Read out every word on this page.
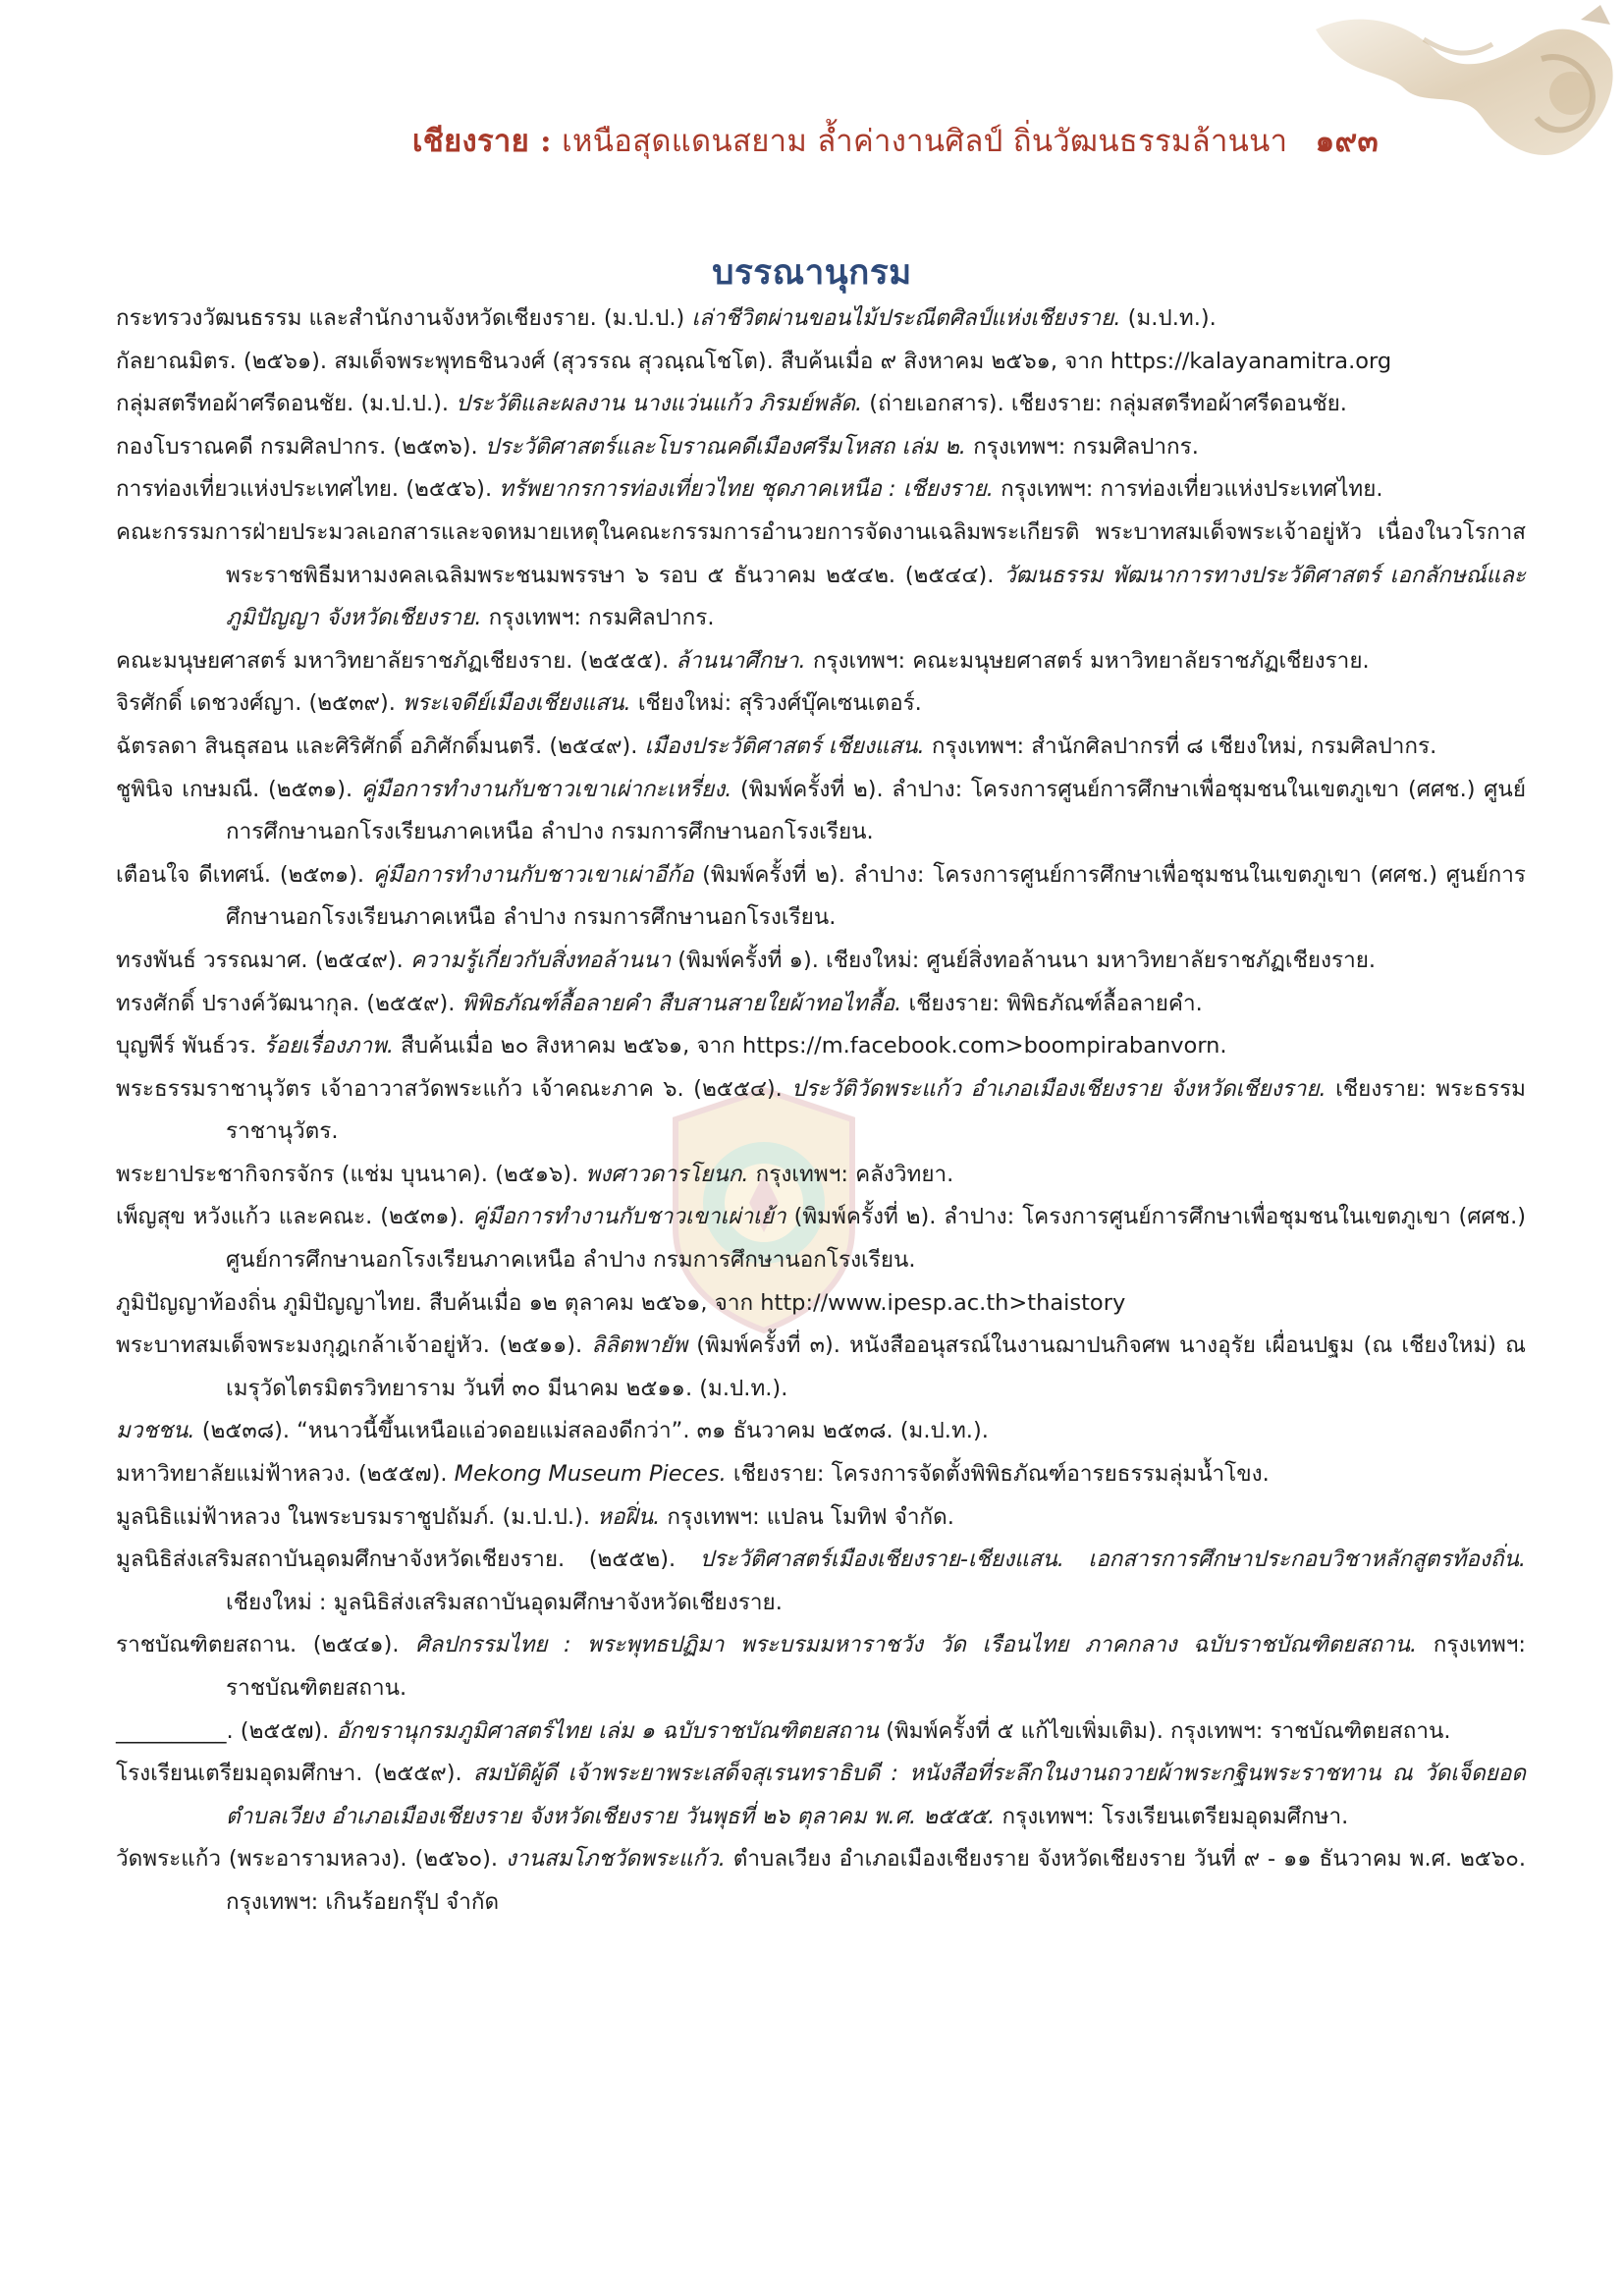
เชียงราย : เหนือสุดแดนสยาม ล้ำค่างานศิลป์ ถิ่นวัฒนธรรมล้านนา ๑๙๓
บรรณานุกรม
กระทรวงวัฒนธรรม และสำนักงานจังหวัดเชียงราย. (ม.ป.ป.) เล่าชีวิตผ่านขอนไม้ประณีตศิลป์แห่งเชียงราย. (ม.ป.ท.).
กัลยาณมิตร. (๒๕๖๑). สมเด็จพระพุทธชินวงศ์ (สุวรรณ สุวณฺณโชโต). สืบค้นเมื่อ ๙ สิงหาคม ๒๕๖๑, จาก https://kalayanamitra.org
กลุ่มสตรีทอผ้าศรีดอนชัย. (ม.ป.ป.). ประวัติและผลงาน นางแว่นแก้ว ภิรมย์พลัด. (ถ่ายเอกสาร). เชียงราย: กลุ่มสตรีทอผ้าศรีดอนชัย.
กองโบราณคดี กรมศิลปากร. (๒๕๓๖). ประวัติศาสตร์และโบราณคดีเมืองศรีมโหสถ เล่ม ๒. กรุงเทพฯ: กรมศิลปากร.
การท่องเที่ยวแห่งประเทศไทย. (๒๕๕๖). ทรัพยากรการท่องเที่ยวไทย ชุดภาคเหนือ : เชียงราย. กรุงเทพฯ: การท่องเที่ยวแห่งประเทศไทย.
คณะกรรมการฝ่ายประมวลเอกสารและจดหมายเหตุในคณะกรรมการอำนวยการจัดงานเฉลิมพระเกียรติ พระบาทสมเด็จพระเจ้าอยู่หัว เนื่องในวโรกาสพระราชพิธีมหามงคลเฉลิมพระชนมพรรษา ๖ รอบ ๕ ธันวาคม ๒๕๔๒. (๒๕๔๔). วัฒนธรรม พัฒนาการทางประวัติศาสตร์ เอกลักษณ์และภูมิปัญญา จังหวัดเชียงราย. กรุงเทพฯ: กรมศิลปากร.
คณะมนุษยศาสตร์ มหาวิทยาลัยราชภัฏเชียงราย. (๒๕๕๕). ล้านนาศึกษา. กรุงเทพฯ: คณะมนุษยศาสตร์ มหาวิทยาลัยราชภัฏเชียงราย.
จิรศักดิ์ เดชวงศ์ญา. (๒๕๓๙). พระเจดีย์เมืองเชียงแสน. เชียงใหม่: สุริวงศ์บุ๊คเซนเตอร์.
ฉัตรลดา สินธุสอน และศิริศักดิ์ อภิศักดิ์มนตรี. (๒๕๔๙). เมืองประวัติศาสตร์ เชียงแสน. กรุงเทพฯ: สำนักศิลปากรที่ ๘ เชียงใหม่, กรมศิลปากร.
ชูพินิจ เกษมณี. (๒๕๓๑). คู่มือการทำงานกับชาวเขาเผ่ากะเหรี่ยง. (พิมพ์ครั้งที่ ๒). ลำปาง: โครงการศูนย์การศึกษาเพื่อชุมชนในเขตภูเขา (ศศช.) ศูนย์การศึกษานอกโรงเรียนภาคเหนือ ลำปาง กรมการศึกษานอกโรงเรียน.
เตือนใจ ดีเทศน์. (๒๕๓๑). คู่มือการทำงานกับชาวเขาเผ่าอีก้อ (พิมพ์ครั้งที่ ๒). ลำปาง: โครงการศูนย์การศึกษาเพื่อชุมชนในเขตภูเขา (ศศช.) ศูนย์การศึกษานอกโรงเรียนภาคเหนือ ลำปาง กรมการศึกษานอกโรงเรียน.
ทรงพันธ์ วรรณมาศ. (๒๕๔๙). ความรู้เกี่ยวกับสิ่งทอล้านนา (พิมพ์ครั้งที่ ๑). เชียงใหม่: ศูนย์สิ่งทอล้านนา มหาวิทยาลัยราชภัฏเชียงราย.
ทรงศักดิ์ ปรางค์วัฒนากุล. (๒๕๕๙). พิพิธภัณฑ์ลื้อลายคำ สืบสานสายใยผ้าทอไทลื้อ. เชียงราย: พิพิธภัณฑ์ลื้อลายคำ.
บุญพีร์ พันธ์วร. ร้อยเรื่องภาพ. สืบค้นเมื่อ ๒๐ สิงหาคม ๒๕๖๑, จาก https://m.facebook.com>boompirabanvorn.
พระธรรมราชานุวัตร เจ้าอาวาสวัดพระแก้ว เจ้าคณะภาค ๖. (๒๕๕๔). ประวัติวัดพระแก้ว อำเภอเมืองเชียงราย จังหวัดเชียงราย. เชียงราย: พระธรรมราชานุวัตร.
พระยาประชากิจกรจักร (แช่ม บุนนาค). (๒๕๑๖). พงศาวดารโยนก. กรุงเทพฯ: คลังวิทยา.
เพ็ญสุข หวังแก้ว และคณะ. (๒๕๓๑). คู่มือการทำงานกับชาวเขาเผ่าเย้า (พิมพ์ครั้งที่ ๒). ลำปาง: โครงการศูนย์การศึกษาเพื่อชุมชนในเขตภูเขา (ศศช.) ศูนย์การศึกษานอกโรงเรียนภาคเหนือ ลำปาง กรมการศึกษานอกโรงเรียน.
ภูมิปัญญาท้องถิ่น ภูมิปัญญาไทย. สืบค้นเมื่อ ๑๒ ตุลาคม ๒๕๖๑, จาก http://www.ipesp.ac.th>thaistory
พระบาทสมเด็จพระมงกุฎเกล้าเจ้าอยู่หัว. (๒๕๑๑). ลิลิตพายัพ (พิมพ์ครั้งที่ ๓). หนังสืออนุสรณ์ในงานฌาปนกิจศพ นางอุรัย เผื่อนปฐม (ณ เชียงใหม่) ณ เมรุวัดไตรมิตรวิทยาราม วันที่ ๓๐ มีนาคม ๒๕๑๑. (ม.ป.ท.).
มวชชน. (๒๕๓๘). “หนาวนี้ขึ้นเหนือแอ่วดอยแม่สลองดีกว่า”. ๓๑ ธันวาคม ๒๕๓๘. (ม.ป.ท.).
มหาวิทยาลัยแม่ฟ้าหลวง. (๒๕๕๗). Mekong Museum Pieces. เชียงราย: โครงการจัดตั้งพิพิธภัณฑ์อารยธรรมลุ่มน้ำโขง.
มูลนิธิแม่ฟ้าหลวง ในพระบรมราชูปถัมภ์. (ม.ป.ป.). หอฝิ่น. กรุงเทพฯ: แปลน โมทิฟ จำกัด.
มูลนิธิส่งเสริมสถาบันอุดมศึกษาจังหวัดเชียงราย. (๒๕๕๒). ประวัติศาสตร์เมืองเชียงราย-เชียงแสน. เอกสารการศึกษาประกอบวิชาหลักสูตรท้องถิ่น. เชียงใหม่ : มูลนิธิส่งเสริมสถาบันอุดมศึกษาจังหวัดเชียงราย.
ราชบัณฑิตยสถาน. (๒๕๔๑). ศิลปกรรมไทย : พระพุทธปฏิมา พระบรมมหาราชวัง วัด เรือนไทย ภาคกลาง ฉบับราชบัณฑิตยสถาน. กรุงเทพฯ: ราชบัณฑิตยสถาน.
__________. (๒๕๕๗). อักขรานุกรมภูมิศาสตร์ไทย เล่ม ๑ ฉบับราชบัณฑิตยสถาน (พิมพ์ครั้งที่ ๕ แก้ไขเพิ่มเติม). กรุงเทพฯ: ราชบัณฑิตยสถาน.
โรงเรียนเตรียมอุดมศึกษา. (๒๕๕๙). สมบัติผู้ดี เจ้าพระยาพระเสด็จสุเรนทราธิบดี : หนังสือที่ระลึกในงานถวายผ้าพระกฐินพระราชทาน ณ วัดเจ็ดยอด ตำบลเวียง อำเภอเมืองเชียงราย จังหวัดเชียงราย วันพุธที่ ๒๖ ตุลาคม พ.ศ. ๒๕๕๕. กรุงเทพฯ: โรงเรียนเตรียมอุดมศึกษา.
วัดพระแก้ว (พระอารามหลวง). (๒๕๖๐). งานสมโภชวัดพระแก้ว. ตำบลเวียง อำเภอเมืองเชียงราย จังหวัดเชียงราย วันที่ ๙ - ๑๑ ธันวาคม พ.ศ. ๒๕๖๐. กรุงเทพฯ: เกินร้อยกรุ๊ป จำกัด
